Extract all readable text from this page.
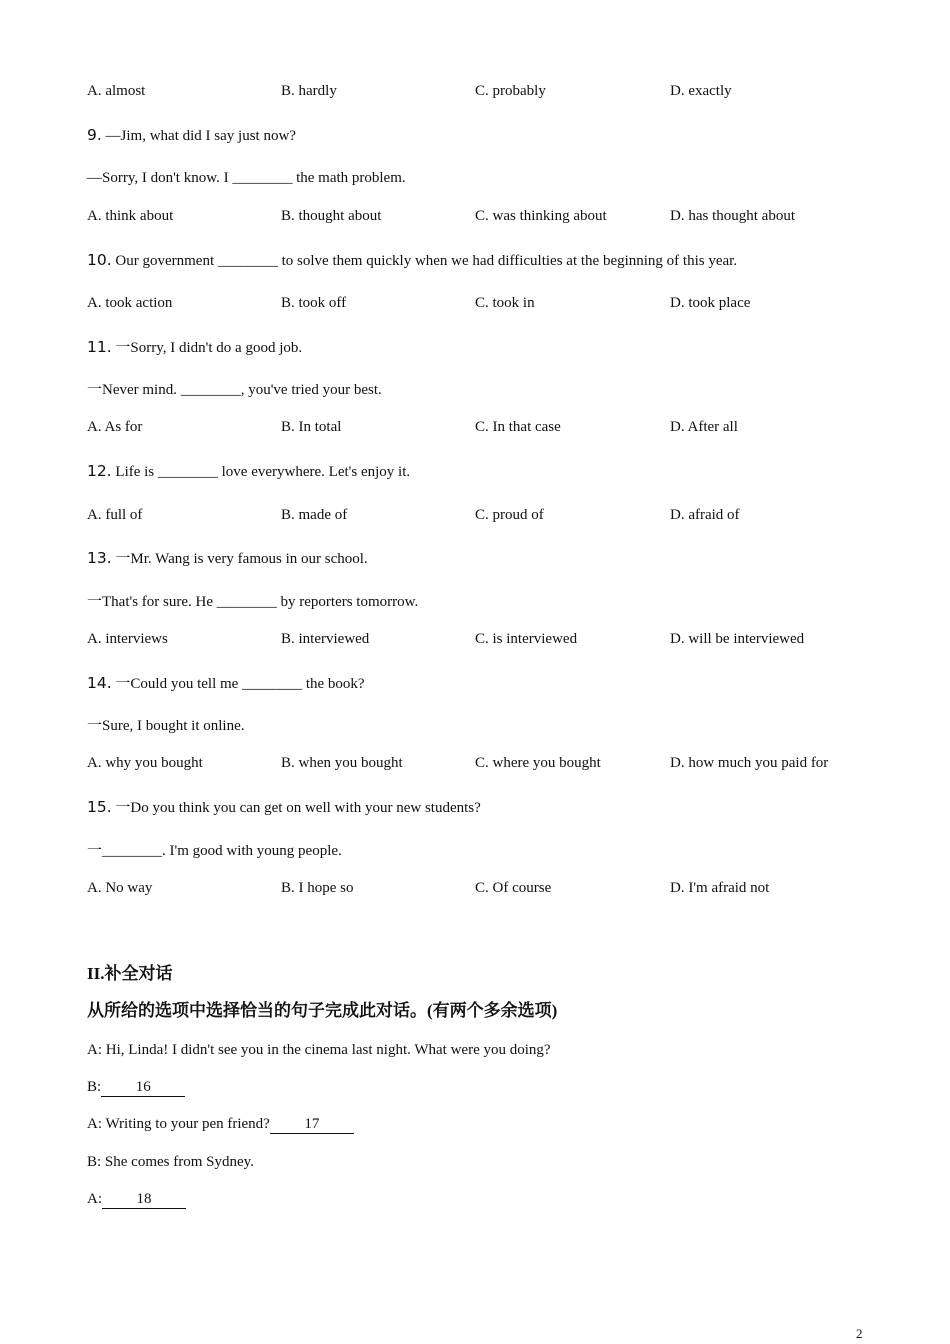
A. almost	B. hardly	C. probably	D. exactly
9. —Jim, what did I say just now?
—Sorry, I don't know. I ________ the math problem.
A. think about	B. thought about	C. was thinking about	D. has thought about
10. Our government ________ to solve them quickly when we had difficulties at the beginning of this year.
A. took action	B. took off	C. took in	D. took place
11. 一Sorry, I didn't do a good job.
一Never mind. ________, you've tried your best.
A. As for	B. In total	C. In that case	D. After all
12. Life is ________ love everywhere. Let's enjoy it.
A. full of	B. made of	C. proud of	D. afraid of
13. 一Mr. Wang is very famous in our school.
一That's for sure. He ________ by reporters tomorrow.
A. interviews	B. interviewed	C. is interviewed	D. will be interviewed
14. 一Could you tell me ________ the book?
一Sure, I bought it online.
A. why you bought	B. when you bought	C. where you bought	D. how much you paid for
15. 一Do you think you can get on well with your new students?
一________. I'm good with young people.
A. No way	B. I hope so	C. Of course	D. I'm afraid not
II.补全对话
从所给的选项中选择恰当的句子完成此对话。(有两个多余选项)
A: Hi, Linda! I didn't see you in the cinema last night. What were you doing?
B: 16
A: Writing to your pen friend? 17
B: She comes from Sydney.
A: 18
2
